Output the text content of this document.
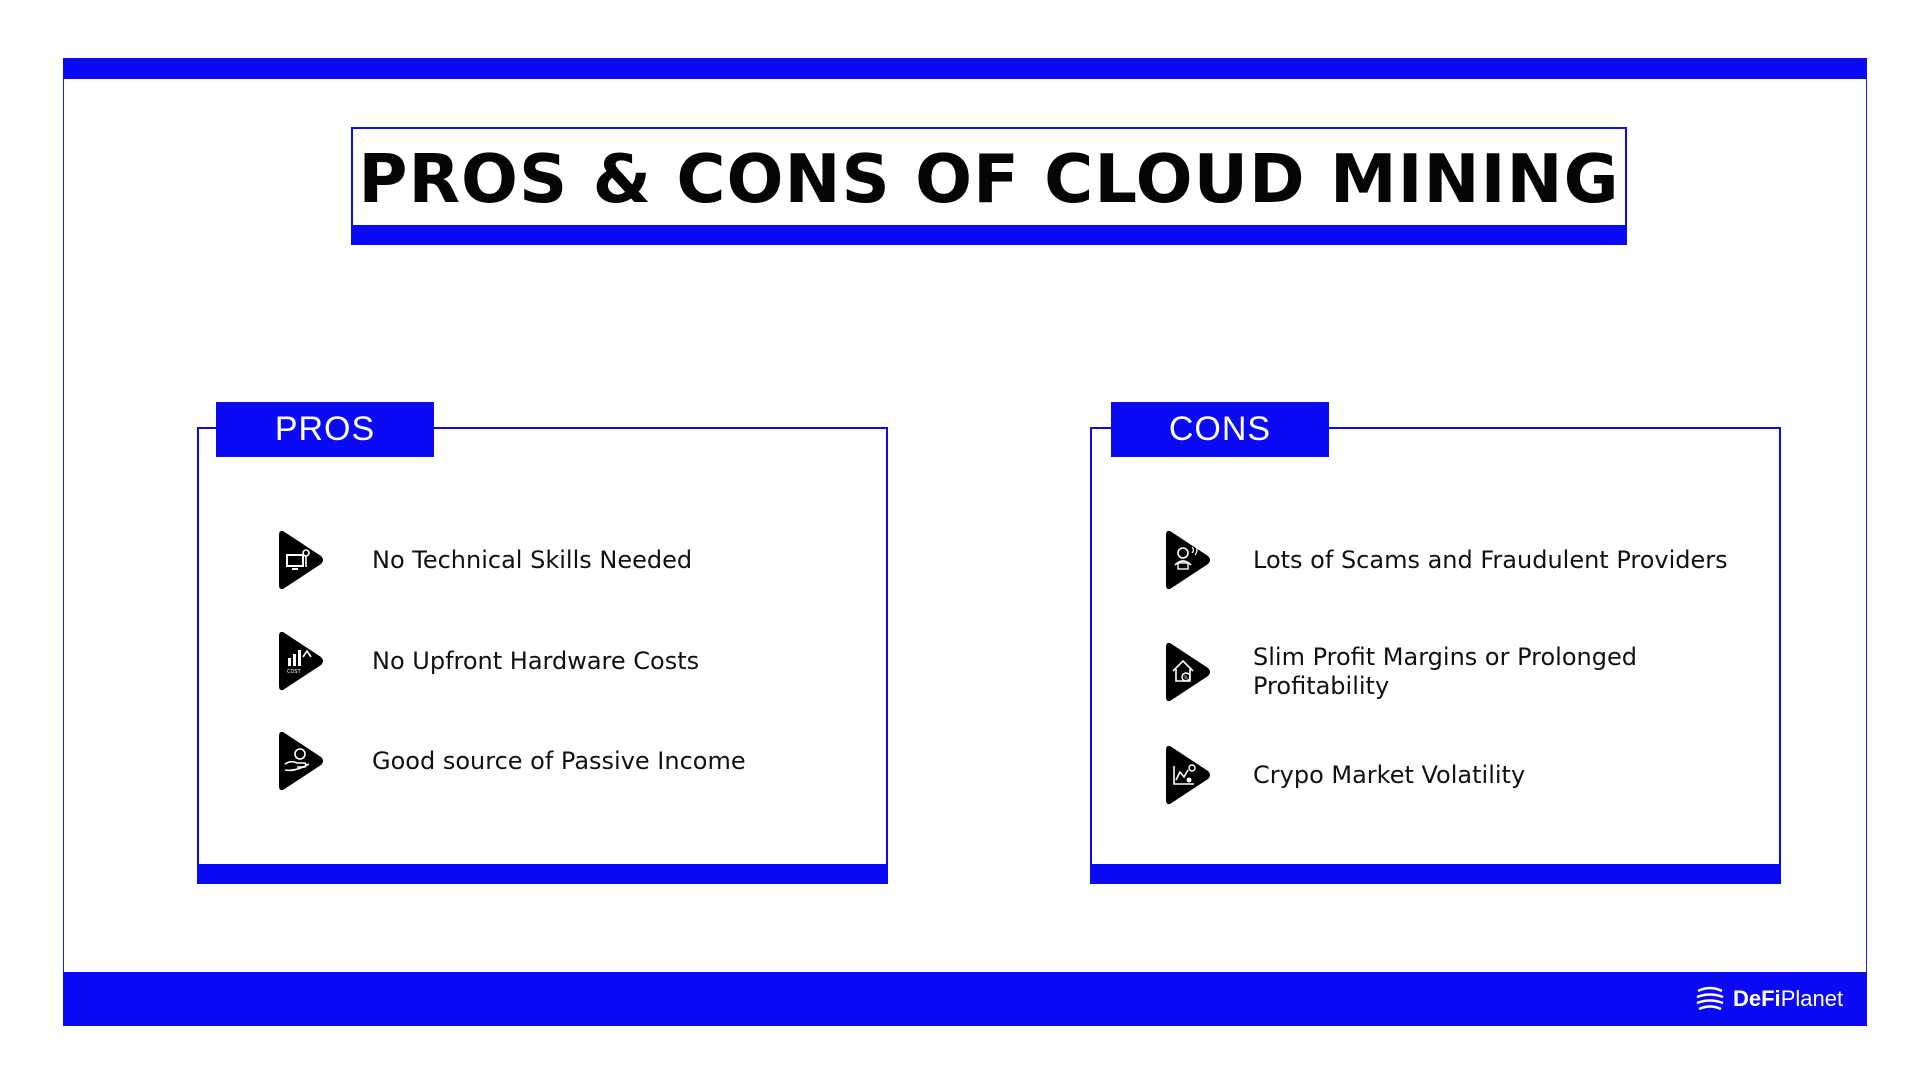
PROS & CONS OF CLOUD MINING
PROS
No Technical Skills Needed
COST	No Upfront Hardware Costs
Good source of Passive Income
CONS
Lots of Scams and Fraudulent Providers
%
Slim Profit Margins or Prolonged Profitability
Crypo Market Volatility
DeFiPlanet
